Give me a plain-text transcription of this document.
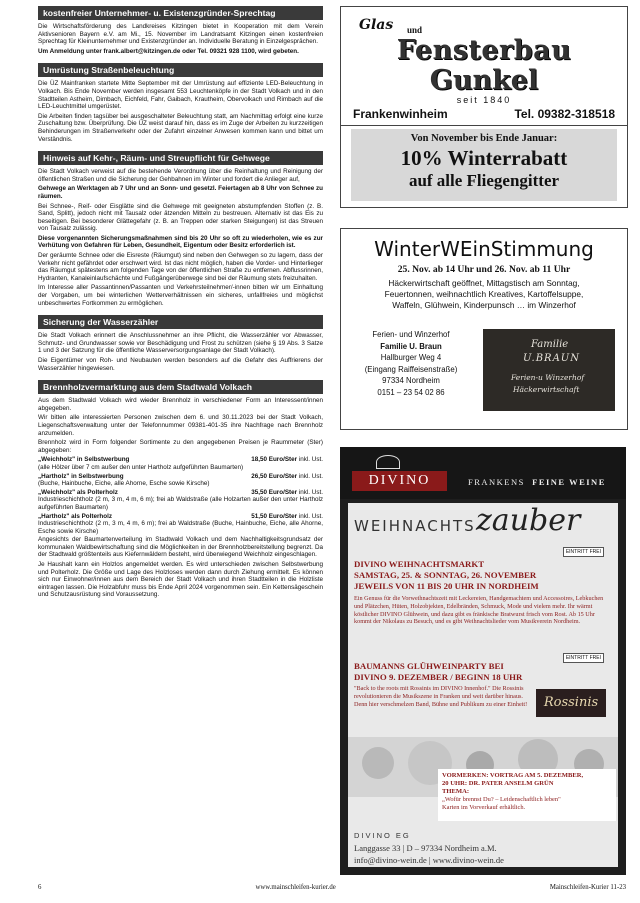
kostenfreier Unternehmer- u. Existenzgründer-Sprechtag

Die Wirtschaftsförderung des Landkreises Kitzingen bietet in Kooperation mit dem Verein Aktivsenioren Bayern e.V. am Mi., 15. November im Landratsamt Kitzingen einen kostenfreien Sprechtag für Kleinunternehmer und Existenzgründer an. Individuelle Beratung in Einzelgesprächen.

Um Anmeldung unter frank.albert@kitzingen.de oder Tel. 09321 928 1100, wird gebeten.

Umrüstung Straßenbeleuchtung

Die ÜZ Mainfranken startete Mitte September mit der Umrüstung auf effiziente LED-Beleuchtung in Volkach. Bis Ende November werden insgesamt 553 Leuchtenköpfe in der Stadt Volkach und in den Stadtteilen Astheim, Dimbach, Eichfeld, Fahr, Gaibach, Krautheim, Obervolkach und Rimbach auf die LED-Leuchtmittel umgerüstet.

Die Arbeiten finden tagsüber bei ausgeschalteter Beleuchtung statt, am Nachmittag erfolgt eine kurze Zuschaltung bzw. Überprüfung. Die ÜZ weist darauf hin, dass es im Zuge der Arbeiten zu kurzzeitigen Behinderungen im Straßenverkehr oder der Zufahrt einzelner Anwesen kommen kann und bittet um Verständnis.

Hinweis auf Kehr-, Räum- und Streupflicht für Gehwege

Die Stadt Volkach verweist auf die bestehende Verordnung über die Reinhaltung und Reinigung der öffentlichen Straßen und die Sicherung der Gehbahnen im Winter und fordert die Anlieger auf,

Gehwege an Werktagen ab 7 Uhr und an Sonn- und gesetzl. Feiertagen ab 8 Uhr von Schnee zu räumen.

Bei Schnee-, Reif- oder Eisglätte sind die Gehwege mit geeigneten abstumpfenden Stoffen (z. B. Sand, Splitt), jedoch nicht mit Tausalz oder ätzenden Mitteln zu bestreuen. Alternativ ist das Eis zu beseitigen. Bei besonderer Glättegefahr (z. B. an Treppen oder starken Steigungen) ist das Streuen von Tausalz zulässig.

Diese vorgenannten Sicherungsmaßnahmen sind bis 20 Uhr so oft zu wiederholen, wie es zur Verhütung von Gefahren für Leben, Gesundheit, Eigentum oder Besitz erforderlich ist.

Der geräumte Schnee oder die Eisreste (Räumgut) sind neben den Gehwegen so zu lagern, dass der Verkehr nicht gefährdet oder erschwert wird. Ist das nicht möglich, haben die Vorder- und Hinterlieger das Räumgut spätestens am folgenden Tage von der öffentlichen Straße zu entfernen. Abflussrinnen, Hydranten, Kanaleinlaufschächte und Fußgängerüberwege sind bei der Räumung stets freizuhalten.

Im Interesse aller Passantinnen/Passanten und Verkehrsteilnehmer/-innen bitten wir um Einhaltung der Vorgaben, um bei winterlichen Wetterverhältnissen ein sicheres, unfallfreies und möglichst unbeschwertes Fortkommen zu ermöglichen.

Sicherung der Wasserzähler

Die Stadt Volkach erinnert die Anschlussnehmer an ihre Pflicht, die Wasserzähler vor Abwasser, Schmutz- und Grundwasser sowie vor Beschädigung und Frost zu schützen (siehe § 19 Abs. 3 Satze 1 und 3 der Satzung für die öffentliche Wasserversorgungsanlage der Stadt Volkach).

Die Eigentümer von Roh- und Neubauten werden besonders auf die Gefahr des Auffrierens der Wasserzähler hingewiesen.

Brennholzvermarktung aus dem Stadtwald Volkach

Aus dem Stadtwald Volkach wird wieder Brennholz in verschiedener Form an Interessent/innen abgegeben.

Wir bitten alle interessierten Personen zwischen dem 6. und 30.11.2023 bei der Stadt Volkach, Liegenschaftsverwaltung unter der Telefonnummer 09381-401-35 ihre Nachfrage nach Brennholz anzumelden.

Brennholz wird in Form folgender Sortimente zu den angegebenen Preisen je Raummeter (Ster) abgegeben:

„Weichholz" in Selbstwerbung	18,50 Euro/Ster inkl. Ust.
(alle Hölzer über 7 cm außer den unter Hartholz aufgeführten Baumarten)
„Hartholz" in Selbstwerbung	26,50 Euro/Ster inkl. Ust.
(Buche, Hainbuche, Eiche, alle Ahorne, Esche sowie Kirsche)
„Weichholz" als Polterholz	35,50 Euro/Ster inkl. Ust.
Industrieschichtholz (2 m, 3 m, 4 m, 6 m); frei ab Waldstraße (alle Holzarten außer den unter Hartholz aufgeführten Baumarten)
„Hartholz" als Polterholz	51,50 Euro/Ster inkl. Ust.
Industrieschichtholz (2 m, 3 m, 4 m, 6 m); frei ab Waldstraße (Buche, Hainbuche, Eiche, alle Ahorne, Esche sowie Kirsche)

Angesichts der Baumartenverteilung im Stadtwald Volkach und dem Nachhaltigkeitsgrundsatz der kommunalen Waldbewirtschaftung sind die Möglichkeiten in der Brennholzbereitstellung begrenzt. Da der Stadtwald größtenteils aus Kiefernwäldern besteht, wird überwiegend Weichholz eingeschlagen.

Je Haushalt kann ein Holzlos angemeldet werden. Es wird unterschieden zwischen Selbstwerbung und Polterholz. Die Größe und Lage des Holzloses werden dann durch Ziehung ermittelt. Es können sich nur Einwohner/innen aus dem Bereich der Stadt Volkach und ihren Stadtteilen in die Holzliste eintragen lassen. Die Holzabfuhr muss bis Ende April 2024 vorgenommen sein. Ein Kettensägeschein und Schutzausrüstung sind Voraussetzung.

Glas und
Fensterbau
Gunkel
seit 1840
Frankenwinheim	Tel. 09382-318518
Von November bis Ende Januar:
10% Winterrabatt
auf alle Fliegengitter
WinterWEinStimmung
25. Nov. ab 14 Uhr und 26. Nov. ab 11 Uhr
Häckerwirtschaft geöffnet, Mittagstisch am Sonntag,
Feuertonnen, weihnachtlich Kreatives, Kartoffelsuppe,
Waffeln, Glühwein, Kinderpunsch … im Winzerhof
Ferien- und Winzerhof
Familie U. Braun
Hallburger Weg 4
(Eingang Raiffeisenstraße)
97334 Nordheim
0151 – 23 54 02 86
Familie
U.BRAUN
Ferien-u Winzerhof
Häckerwirtschaft
DIVINO	FRANKENS FEINE WEINE
WEIHNACHTS zauber
EINTRITT FREI
DIVINO WEIHNACHTSMARKT
SAMSTAG, 25. & SONNTAG, 26. NOVEMBER
JEWEILS VON 11 BIS 20 UHR IN NORDHEIM
Ein Genuss für die Vorweihnachtszeit mit Leckereien, Handgemachtem und Accessoires, Lebkuchen und Plätzchen, Hüten, Holzobjekten, Edelbränden, Schmuck, Mode und vielem mehr. Ihr wärmt köstlicher DIVINO Glühwein, und dazu gibt es fränkische Bratwurst frisch vom Rost. Ab 15 Uhr kommt der Nikolaus zu Besuch, und es gibt Weihnachtslieder vom Musikverein Nordheim.
EINTRITT FREI
BAUMANNS GLÜHWEINPARTY BEI
DIVINO 9. DEZEMBER / BEGINN 18 UHR
"Back to the roots mit Rossinis im DIVINO Innenhof." Die Rossinis revolutionieren die Musikszene in Franken und weit darüber hinaus. Denn hier verschmelzen Band, Bühne und Publikum zu einer Einheit!	Rossinis
VORMERKEN: VORTRAG AM 5. DEZEMBER,
20 UHR: DR. PATER ANSELM GRÜN
THEMA:
„Wofür brennst Du? – Leidenschaftlich leben"
Karten im Vorverkauf erhältlich.
DIVINO EG
Langgasse 33 | D – 97334 Nordheim a.M.
info@divino-wein.de | www.divino-wein.de
6	www.mainschleifen-kurier.de	Mainschleifen-Kurier 11-23
